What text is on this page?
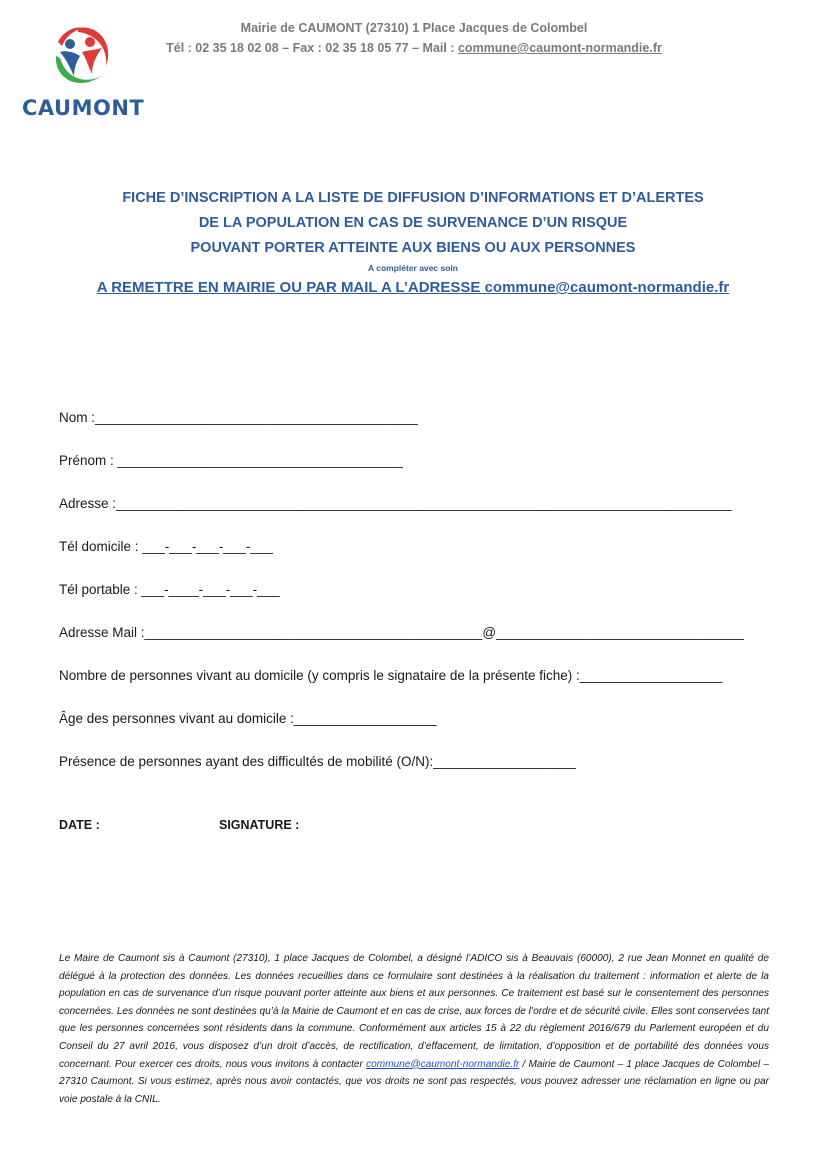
CAUMONT
Mairie de CAUMONT (27310) 1 Place Jacques de Colombel
Tél : 02 35 18 02 08 – Fax : 02 35 18 05 77 – Mail : commune@caumont-normandie.fr
FICHE D’INSCRIPTION A LA LISTE DE DIFFUSION D’INFORMATIONS ET D’ALERTES
DE LA POPULATION EN CAS DE SURVENANCE D’UN RISQUE
POUVANT PORTER ATTEINTE AUX BIENS OU AUX PERSONNES
A compléter avec soin
A REMETTRE EN MAIRIE OU PAR MAIL A L’ADRESSE commune@caumont-normandie.fr
Nom :___________________________________________
Prénom : ______________________________________
Adresse :__________________________________________________________________________________
Tél domicile : ___-___-___-___-___
Tél portable : ___-____-___-___-___
Adresse Mail :_____________________________________________@_________________________________
Nombre de personnes vivant au domicile (y compris le signataire de la présente fiche) :___________________
Âge des personnes vivant au domicile :___________________
Présence de personnes ayant des difficultés de mobilité (O/N):___________________
DATE :	SIGNATURE :
Le Maire de Caumont sis à Caumont (27310), 1 place Jacques de Colombel, a désigné l’ADICO sis à Beauvais (60000), 2 rue Jean Monnet en qualité de délégué à la protection des données. Les données recueillies dans ce formulaire sont destinées à la réalisation du traitement : information et alerte de la population en cas de survenance d’un risque pouvant porter atteinte aux biens et aux personnes. Ce traitement est basé sur le consentement des personnes concernées. Les données ne sont destinées qu’à la Mairie de Caumont et en cas de crise, aux forces de l’ordre et de sécurité civile. Elles sont conservées tant que les personnes concernées sont résidents dans la commune. Conformément aux articles 15 à 22 du règlement 2016/679 du Parlement européen et du Conseil du 27 avril 2016, vous disposez d’un droit d’accès, de rectification, d’effacement, de limitation, d’opposition et de portabilité des données vous concernant. Pour exercer ces droits, nous vous invitons à contacter commune@caumont-normandie.fr / Mairie de Caumont – 1 place Jacques de Colombel – 27310 Caumont. Si vous estimez, après nous avoir contactés, que vos droits ne sont pas respectés, vous pouvez adresser une réclamation en ligne ou par voie postale à la CNIL.
